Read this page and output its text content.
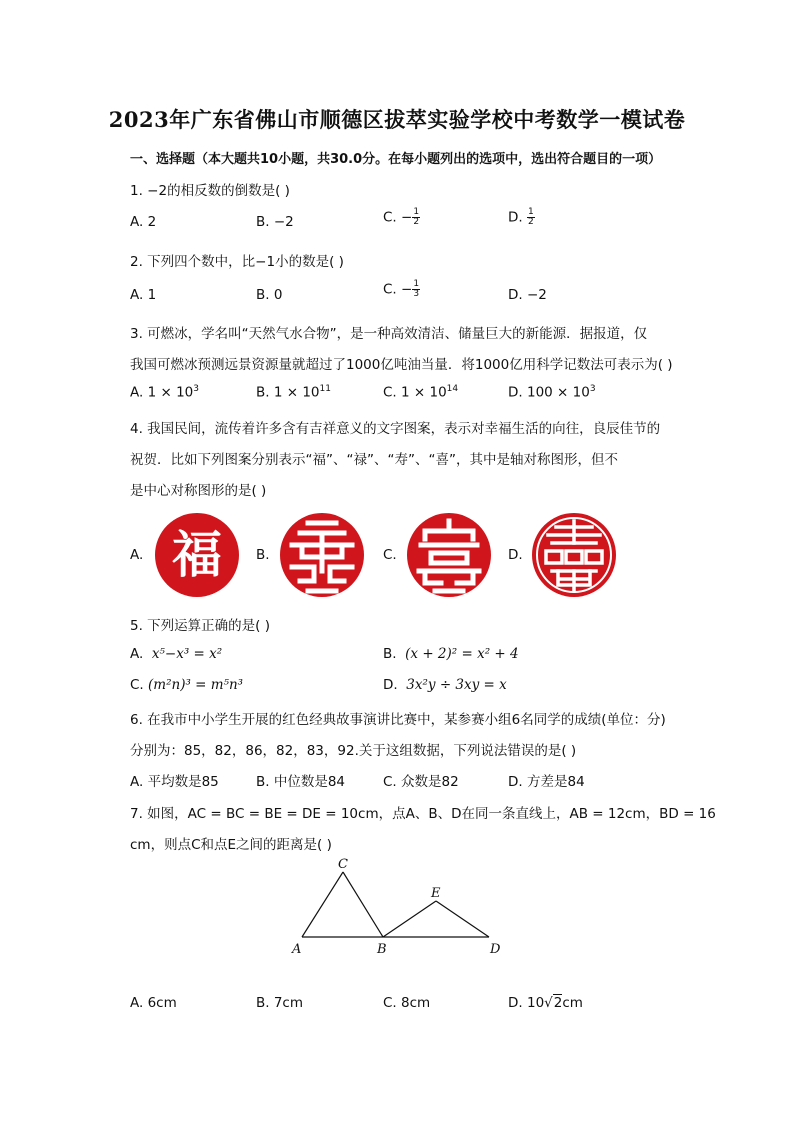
2023年广东省佛山市顺德区拔萃实验学校中考数学一模试卷
一、选择题（本大题共10小题，共30.0分。在每小题列出的选项中，选出符合题目的一项）
1. −2的相反数的倒数是( )
A. 2	B. −2	C. − $\frac{1}{2}$	D. $\frac{1}{2}$
2. 下列四个数中，比−1小的数是( )
A. 1	B. 0	C. − $\frac{1}{3}$	D. −2
3. 可燃冰，学名叫“天然气水合物”，是一种高效清洁、储量巨大的新能源．据报道，仅
我国可燃冰预测远景资源量就超过了1000亿吨油当量．将1000亿用科学记数法可表示为( )
A. $1 \times 10^3$	B. $1 \times 10^{11}$	C. $1 \times 10^{14}$	D. $100 \times 10^3$
4. 我国民间，流传着许多含有吉祥意义的文字图案，表示对幸福生活的向往，良辰佳节的
祝贺．比如下列图案分别表示“福”、“禄”、“寿”、“喜”，其中是轴对称图形，但不
是中心对称图形的是( )
A.	B.	C.	D.
福
5. 下列运算正确的是( )
A. x⁵−x³ = x²	B. (x + 2)² = x² + 4
C. (m²n)³ = m⁵n³	D. 3x²y ÷ 3xy = x
6. 在我市中小学生开展的红色经典故事演讲比赛中，某参赛小组6名同学的成绩(单位：分)
分别为：85，82，86，82，83，92.关于这组数据，下列说法错误的是( )
A. 平均数是85	B. 中位数是84	C. 众数是82	D. 方差是84
7. 如图，AC = BC = BE = DE = 10cm，点A、B、D在同一条直线上，AB = 12cm，BD = 16
cm，则点C和点E之间的距离是( )
A	B
C
E
D
A. 6cm	B. 7cm	C. 8cm	D. 10√2cm
